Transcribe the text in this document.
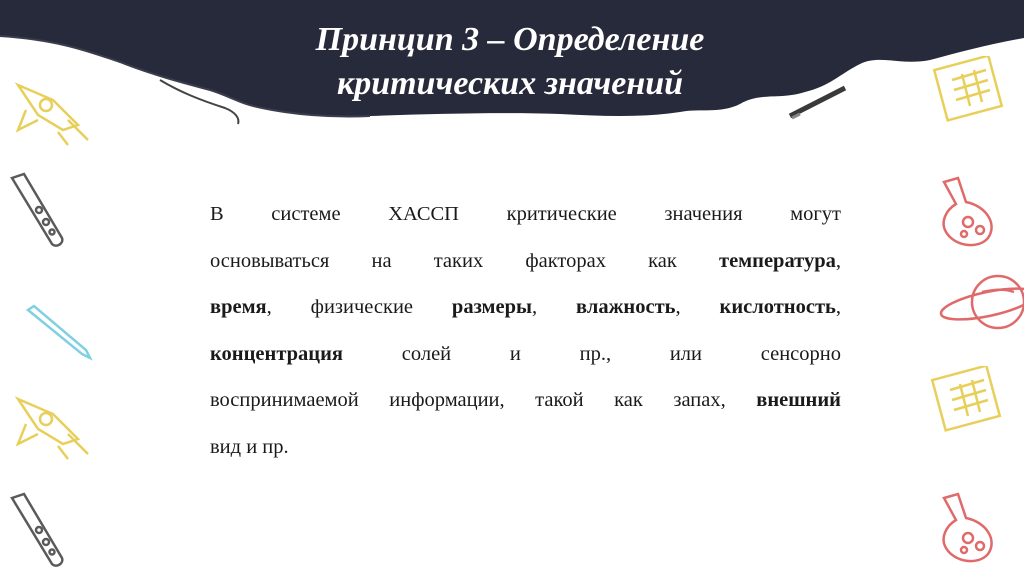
Принцип 3 – Определение
критических значений
В системе ХАССП критические значения могут
основываться на таких факторах как температура,
время, физические размеры, влажность, кислотность,
концентрация солей и пр., или сенсорно
воспринимаемой информации, такой как запах, внешний
вид и пр.
